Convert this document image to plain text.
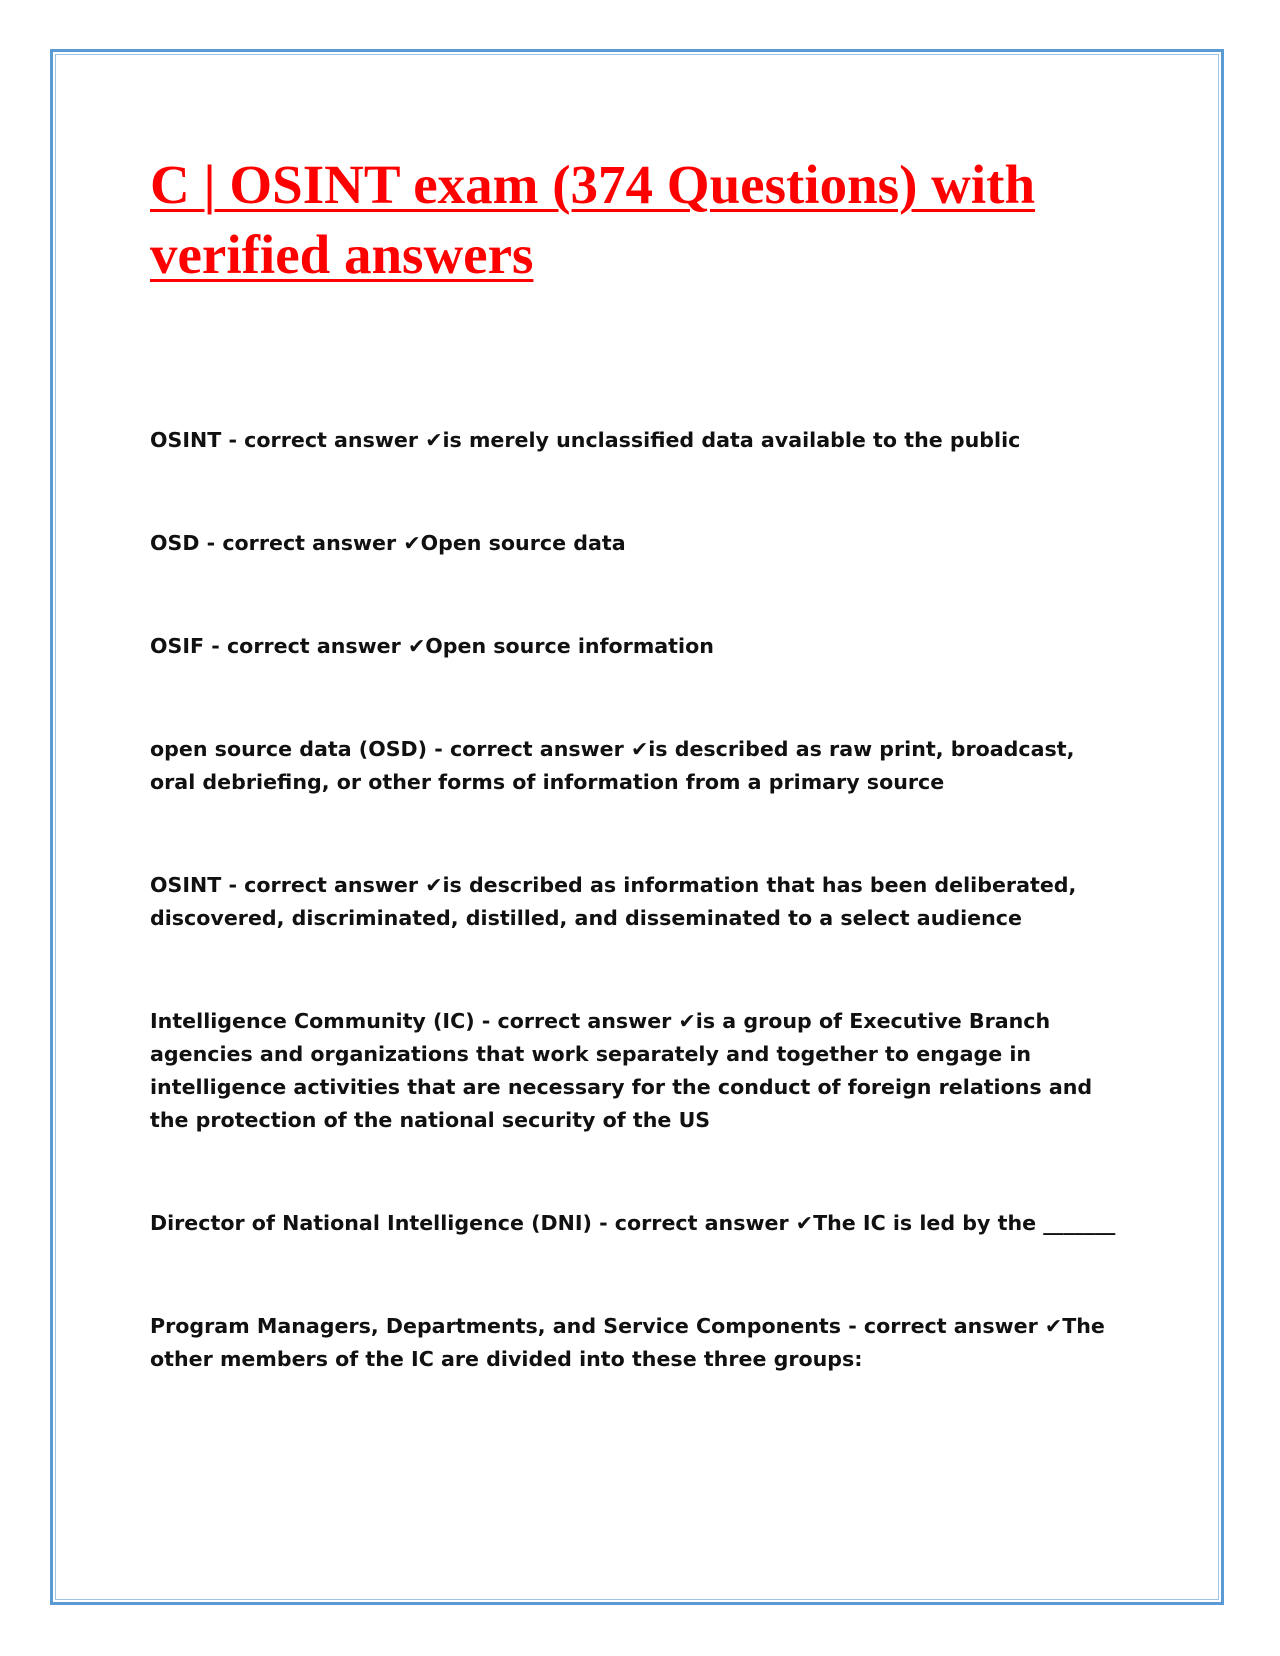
C | OSINT exam (374 Questions) with verified answers
OSINT - correct answer ✔is merely unclassified data available to the public
OSD - correct answer ✔Open source data
OSIF - correct answer ✔Open source information
open source data (OSD) - correct answer ✔is described as raw print, broadcast, oral debriefing, or other forms of information from a primary source
OSINT - correct answer ✔is described as information that has been deliberated, discovered, discriminated, distilled, and disseminated to a select audience
Intelligence Community (IC) - correct answer ✔is a group of Executive Branch agencies and organizations that work separately and together to engage in intelligence activities that are necessary for the conduct of foreign relations and the protection of the national security of the US
Director of National Intelligence (DNI) - correct answer ✔The IC is led by the _______
Program Managers, Departments, and Service Components - correct answer ✔The other members of the IC are divided into these three groups:
